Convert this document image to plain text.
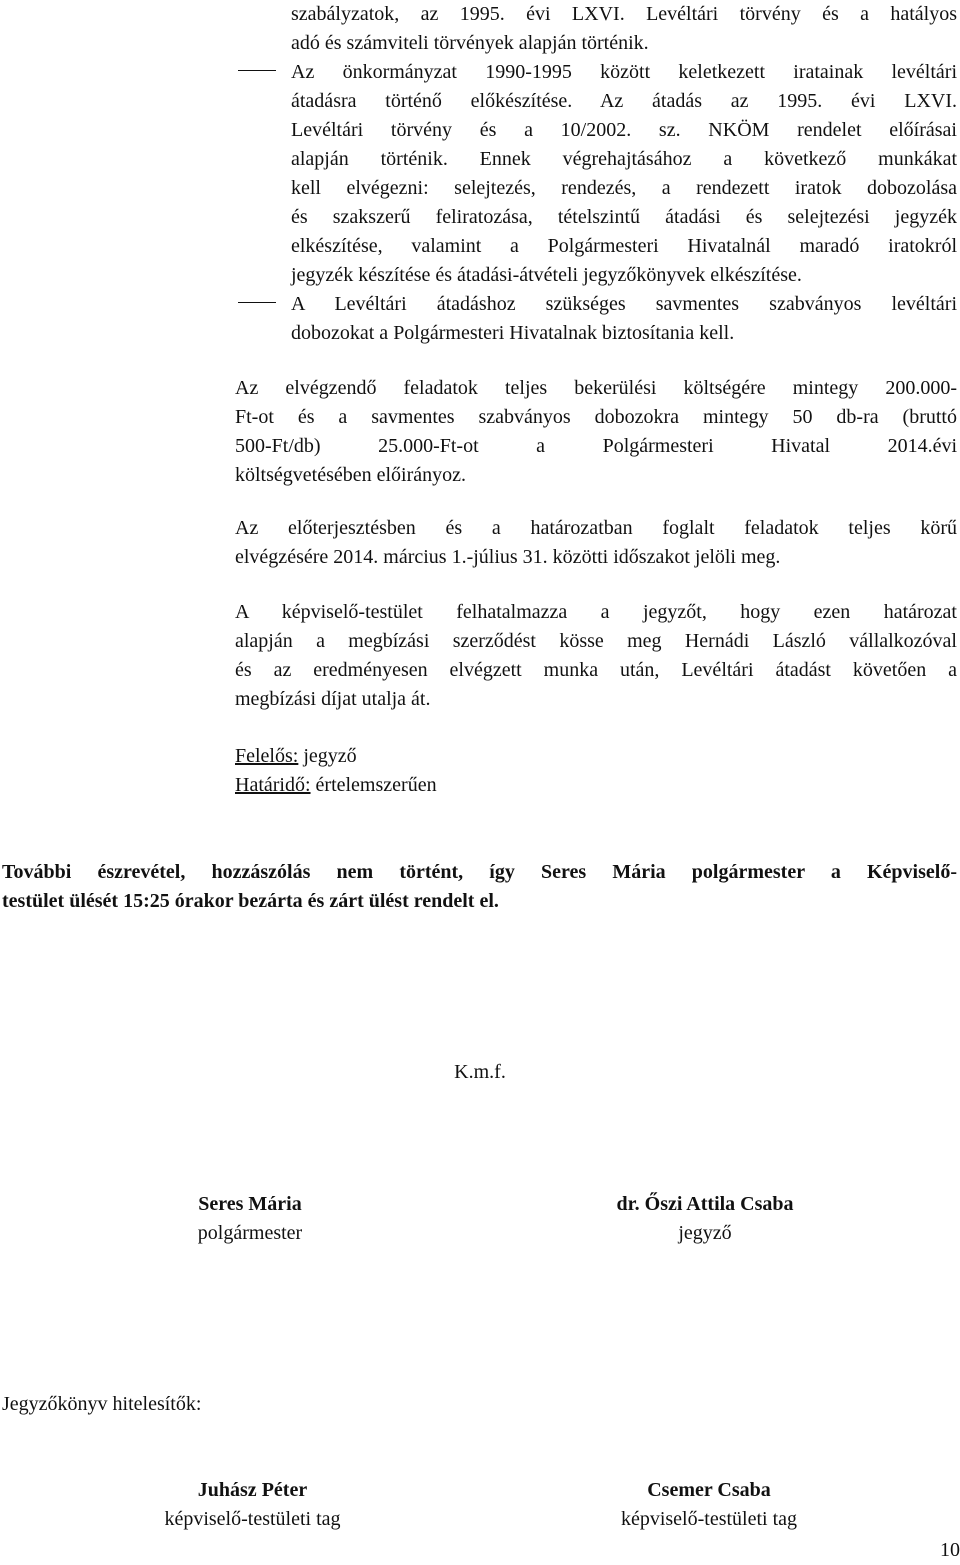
szabályzatok, az 1995. évi LXVI. Levéltári törvény és a hatályos
adó és számviteli törvények alapján történik.
Az önkormányzat 1990-1995 között keletkezett iratainak levéltári
átadásra történő előkészítése. Az átadás az 1995. évi LXVI.
Levéltári törvény és a 10/2002. sz. NKÖM rendelet előírásai
alapján történik. Ennek végrehajtásához a következő munkákat
kell elvégezni: selejtezés, rendezés, a rendezett iratok dobozolása
és szakszerű feliratozása, tételszintű átadási és selejtezési jegyzék
elkészítése, valamint a Polgármesteri Hivatalnál maradó iratokról
jegyzék készítése és átadási-átvételi jegyzőkönyvek elkészítése.
A Levéltári átadáshoz szükséges savmentes szabványos levéltári
dobozokat a Polgármesteri Hivatalnak biztosítania kell.
Az elvégzendő feladatok teljes bekerülési költségére mintegy 200.000-
Ft-ot és a savmentes szabványos dobozokra mintegy 50 db-ra (bruttó
500-Ft/db) 25.000-Ft-ot a Polgármesteri Hivatal 2014.évi
költségvetésében előirányoz.
Az előterjesztésben és a határozatban foglalt feladatok teljes körű
elvégzésére 2014. március 1.-július 31. közötti időszakot jelöli meg.
A képviselő-testület felhatalmazza a jegyzőt, hogy ezen határozat
alapján a megbízási szerződést kösse meg Hernádi László vállalkozóval
és az eredményesen elvégzett munka után, Levéltári átadást követően a
megbízási díjat utalja át.
Felelős: jegyző
Határidő: értelemszerűen
További észrevétel, hozzászólás nem történt, így Seres Mária polgármester a Képviselő-
testület ülését 15:25 órakor bezárta és zárt ülést rendelt el.
K.m.f.
Seres Mária
polgármester
dr. Őszi Attila Csaba
jegyző
Jegyzőkönyv hitelesítők:
Juhász Péter
képviselő-testületi tag
Csemer Csaba
képviselő-testületi tag
10
